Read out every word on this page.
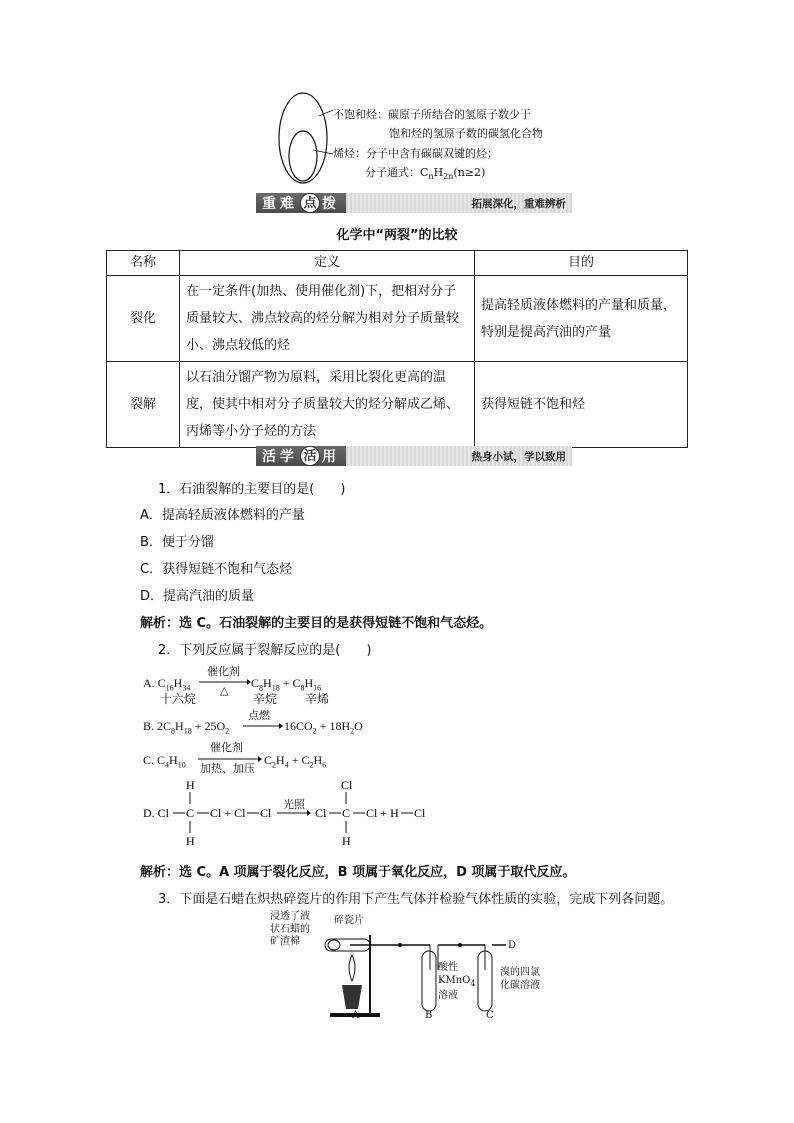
不饱和烃：碳原子所结合的氢原子数少于
饱和烃的氢原子数的碳氢化合物
烯烃：分子中含有碳碳双键的烃；
分子通式：$C_nH_{2n}(n\ge 2)$
重 难 点 拨	拓展深化，重难辨析
化学中“两裂”的比较
名称	定义	目的
裂化	在一定条件(加热、使用催化剂)下，把相对分子质量较大、沸点较高的烃分解为相对分子质量较小、沸点较低的烃	提高轻质液体燃料的产量和质量，特别是提高汽油的产量
裂解	以石油分馏产物为原料，采用比裂化更高的温度，使其中相对分子质量较大的烃分解成乙烯、丙烯等小分子烃的方法	获得短链不饱和烃
活 学 活 用	热身小试，学以致用
1．石油裂解的主要目的是(　　)
A．提高轻质液体燃料的产量
B．便于分馏
C．获得短链不饱和气态烃
D．提高汽油的质量
解析：选 C。石油裂解的主要目的是获得短链不饱和气态烃。
2．下列反应属于裂解反应的是(　　)
A. $C_{16}H_{34}$
催化剂
△
$C_8H_{18} + C_8H_{16}$
十六烷	辛烷 辛烯
B. $2C_8H_{18} + 25O_2$
点燃
→ $16CO_2 + 18H_2O$
C. $C_4H_{10}$
催化剂
加热、加压
$C_2H_4 + C_2H_6$
D. Cl C
H
H
Cl + Cl Cl	Cl C
Cl
H
Cl + H Cl
光照
解析：选 C。A 项属于裂化反应，B 项属于氧化反应，D 项属于取代反应。
3．下面是石蜡在炽热碎瓷片的作用下产生气体并检验气体性质的实验，完成下列各问题。
浸透了液
状石蜡的
矿渣棉
碎瓷片
酸性
KMnO$_4$
溶液
溴的四氯
化碳溶液
A	B	C
D
